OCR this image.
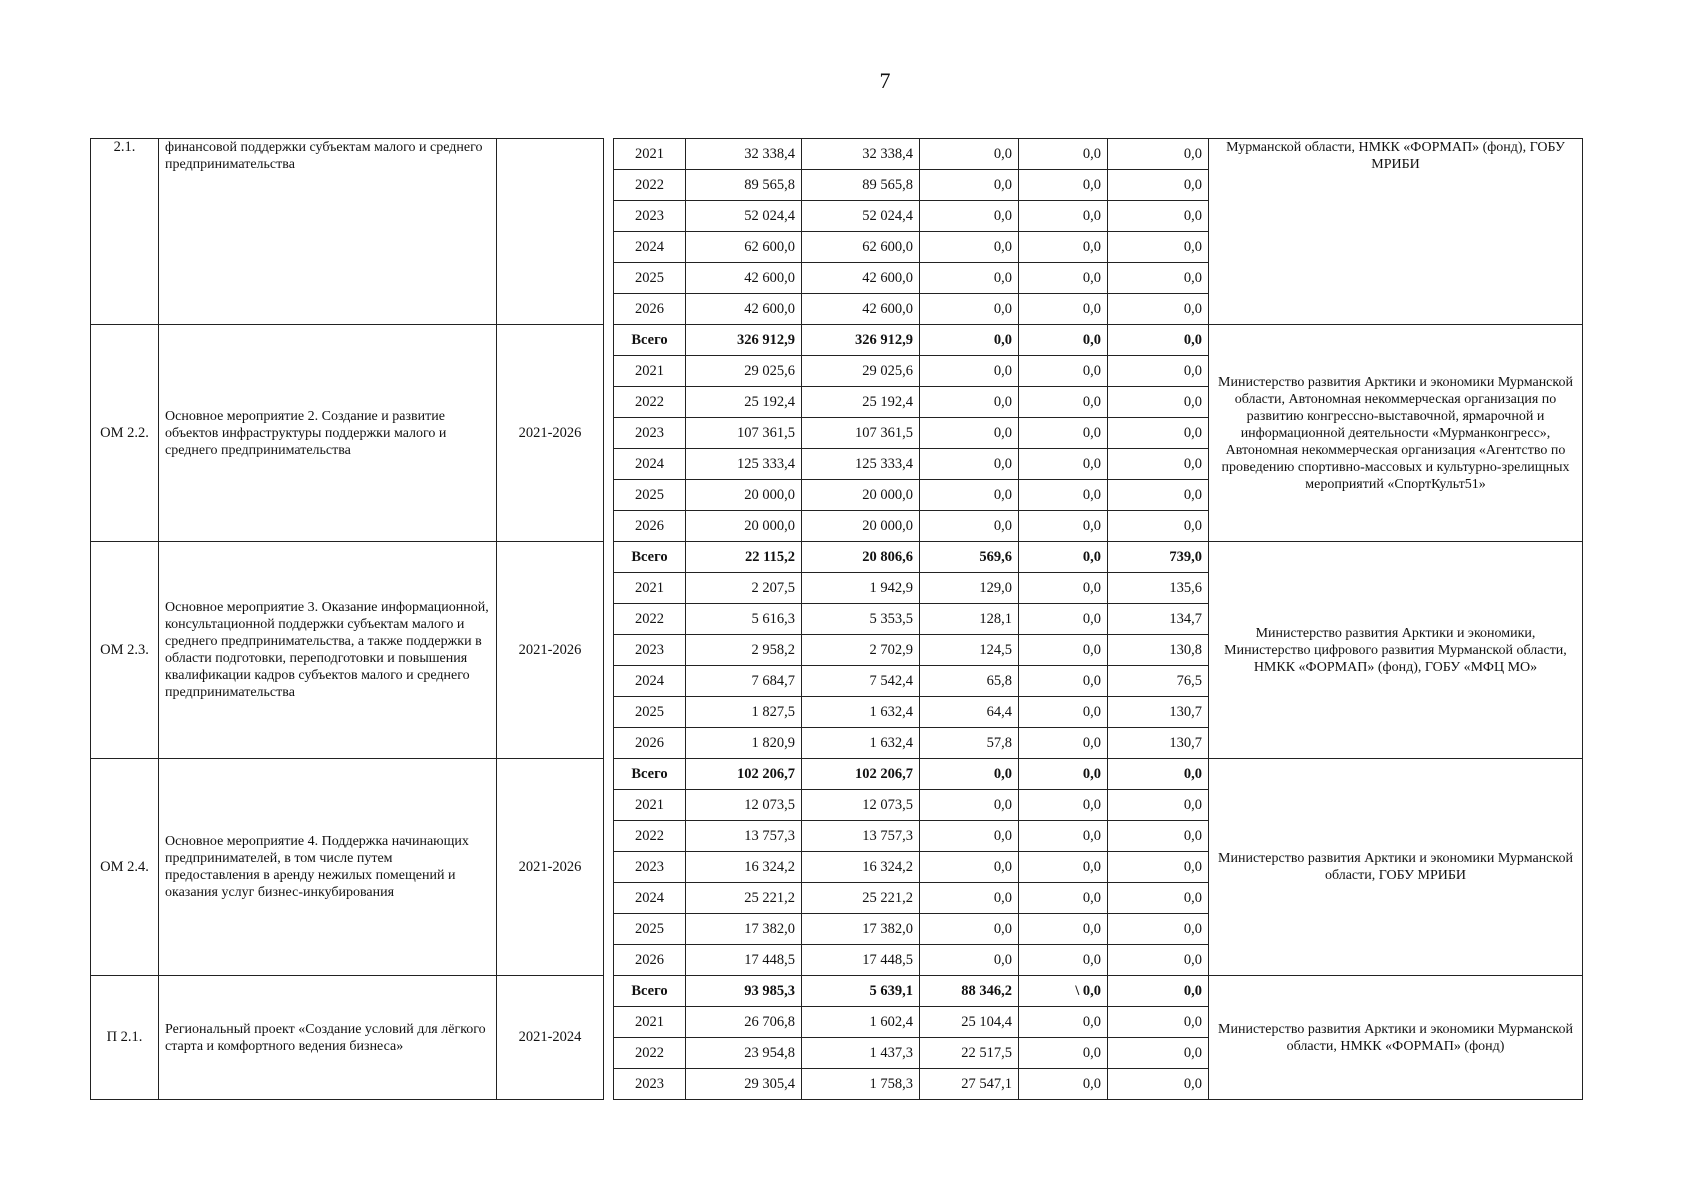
7
2.1.	финансовой поддержки субъектам малого и среднего предпринимательства			2021	32 338,4	32 338,4	0,0	0,0	0,0	Мурманской области, НМКК «ФОРМАП» (фонд), ГОБУ МРИБИ
				2022	89 565,8	89 565,8	0,0	0,0	0,0	
				2023	52 024,4	52 024,4	0,0	0,0	0,0	
				2024	62 600,0	62 600,0	0,0	0,0	0,0	
				2025	42 600,0	42 600,0	0,0	0,0	0,0	
				2026	42 600,0	42 600,0	0,0	0,0	0,0	
ОМ 2.2.	Основное мероприятие 2. Создание и развитие объектов инфраструктуры поддержки малого и среднего предпринимательства	2021-2026		Всего	326 912,9	326 912,9	0,0	0,0	0,0	Министерство развития Арктики и экономики Мурманской области, Автономная некоммерческая организация по развитию конгрессно-выставочной, ярмарочной и информационной деятельности «Мурманконгресс», Автономная некоммерческая организация «Агентство по проведению спортивно-массовых и культурно-зрелищных мероприятий «СпортКульт51»
				2021	29 025,6	29 025,6	0,0	0,0	0,0	
				2022	25 192,4	25 192,4	0,0	0,0	0,0	
				2023	107 361,5	107 361,5	0,0	0,0	0,0	
				2024	125 333,4	125 333,4	0,0	0,0	0,0	
				2025	20 000,0	20 000,0	0,0	0,0	0,0	
				2026	20 000,0	20 000,0	0,0	0,0	0,0	
ОМ 2.3.	Основное мероприятие 3. Оказание информационной, консультационной поддержки субъектам малого и среднего предпринимательства, а также поддержки в области подготовки, переподготовки и повышения квалификации кадров субъектов малого и среднего предпринимательства	2021-2026		Всего	22 115,2	20 806,6	569,6	0,0	739,0	Министерство развития Арктики и экономики, Министерство цифрового развития Мурманской области, НМКК «ФОРМАП» (фонд), ГОБУ «МФЦ МО»
				2021	2 207,5	1 942,9	129,0	0,0	135,6	
				2022	5 616,3	5 353,5	128,1	0,0	134,7	
				2023	2 958,2	2 702,9	124,5	0,0	130,8	
				2024	7 684,7	7 542,4	65,8	0,0	76,5	
				2025	1 827,5	1 632,4	64,4	0,0	130,7	
				2026	1 820,9	1 632,4	57,8	0,0	130,7	
ОМ 2.4.	Основное мероприятие 4. Поддержка начинающих предпринимателей, в том числе путем предоставления в аренду нежилых помещений и оказания услуг бизнес-инкубирования	2021-2026		Всего	102 206,7	102 206,7	0,0	0,0	0,0	Министерство развития Арктики и экономики Мурманской области, ГОБУ МРИБИ
				2021	12 073,5	12 073,5	0,0	0,0	0,0	
				2022	13 757,3	13 757,3	0,0	0,0	0,0	
				2023	16 324,2	16 324,2	0,0	0,0	0,0	
				2024	25 221,2	25 221,2	0,0	0,0	0,0	
				2025	17 382,0	17 382,0	0,0	0,0	0,0	
				2026	17 448,5	17 448,5	0,0	0,0	0,0	
П 2.1.	Региональный проект «Создание условий для лёгкого старта и комфортного ведения бизнеса»	2021-2024		Всего	93 985,3	5 639,1	88 346,2	\ 0,0	0,0	Министерство развития Арктики и экономики Мурманской области, НМКК «ФОРМАП» (фонд)
				2021	26 706,8	1 602,4	25 104,4	0,0	0,0	
				2022	23 954,8	1 437,3	22 517,5	0,0	0,0	
				2023	29 305,4	1 758,3	27 547,1	0,0	0,0	
